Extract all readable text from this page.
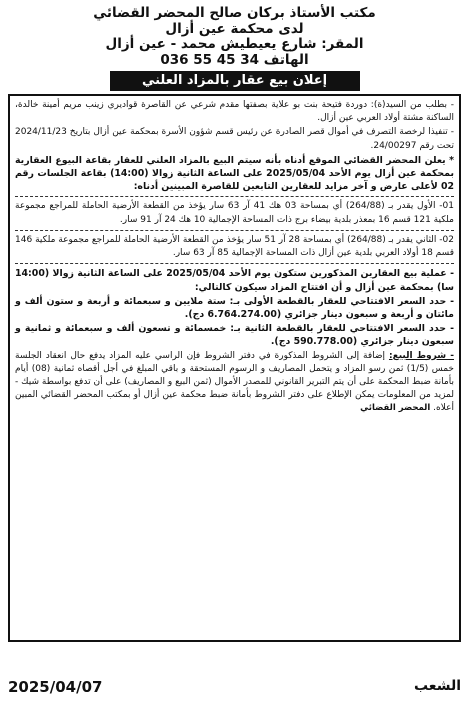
مكتب الأستاذ بركان صالح المحضر القضائي
لدى محكمة عين أزال
المقر: شارع يعيطيش محمد - عين أزال
الهاتف 34 45 55 036
إعلان بيع عقار بالمزاد العلني

- بطلب من السيد(ة): دوردة فتيحة بنت بو علاية بصفتها مقدم شرعي عن القاصرة قواديري زينب مريم أمينة خالدة، الساكنة مشتة أولاد العربي عين أزال.

- تنفيذا لرخصة التصرف في أموال قصر الصادرة عن رئيس قسم شؤون الأسرة بمحكمة عين أزال بتاريخ 2024/11/23 تحت رقم 24/00297.

* يعلن المحضر القضائي الموقع أدناه بأنه سيتم البيع بالمزاد العلني للعقار بقاعة البيوع العقارية بمحكمة عين أزال يوم الأحد 2025/05/04 على الساعة الثانية زوالا (14:00) بقاعة الجلسات رقم 02 لأعلى عارض و آخر مزايد للعقارين التابعين للقاصرة المبينين أدناه:

01- الأول يقدر بـ (264/88) أي بمساحة 03 هك 41 آر 63 سار يؤخذ من القطعة الأرضية الحاملة للمراجع مجموعة ملكية 121 قسم 16 بمعذر بلدية بيضاء برج ذات المساحة الإجمالية 10 هك 24 آر 91 سار.

02- الثاني يقدر بـ (264/88) أي بمساحة 28 آر 51 سار يؤخذ من القطعة الأرضية الحاملة للمراجع مجموعة ملكية 146 قسم 18 أولاد العربي بلدية عين أزال ذات المساحة الإجمالية 85 آر 63 سار.

- عملية بيع العقارين المذكورين ستكون يوم الأحد 2025/05/04 على الساعة الثانية زوالا (14:00 سا) بمحكمة عين أزال و أن افتتاح المزاد سيكون كالتالي:

- حدد السعر الافتتاحي للعقار بالقطعة الأولى بـ: ستة ملايين و سبعمائة و أربعة و ستون ألف و مائتان و أربعة و سبعون دينار جزائري (6.764.274.00 دج).

- حدد السعر الافتتاحي للعقار بالقطعة الثانية بـ: خمسمائة و تسعون ألف و سبعمائة و ثمانية و سبعون دينار جزائري (590.778.00 دج).

- شروط البيع: إضافة إلى الشروط المذكورة في دفتر الشروط فإن الراسي عليه المزاد يدفع حال انعقاد الجلسة خمس (1/5) ثمن رسو المزاد و يتحمل المصاريف و الرسوم المستحقة و باقي المبلغ في أجل أقصاه ثمانية (08) أيام بأمانة ضبط المحكمة على أن يتم التبرير القانوني للمصدر الأموال (ثمن البيع و المصاريف) على أن تدفع بواسطة شيك - لمزيد من المعلومات يمكن الإطلاع على دفتر الشروط بأمانة ضبط محكمة عين أزال أو بمكتب المحضر القضائي المبين أعلاه. المحضر القضائي

الشعب
2025/04/07
